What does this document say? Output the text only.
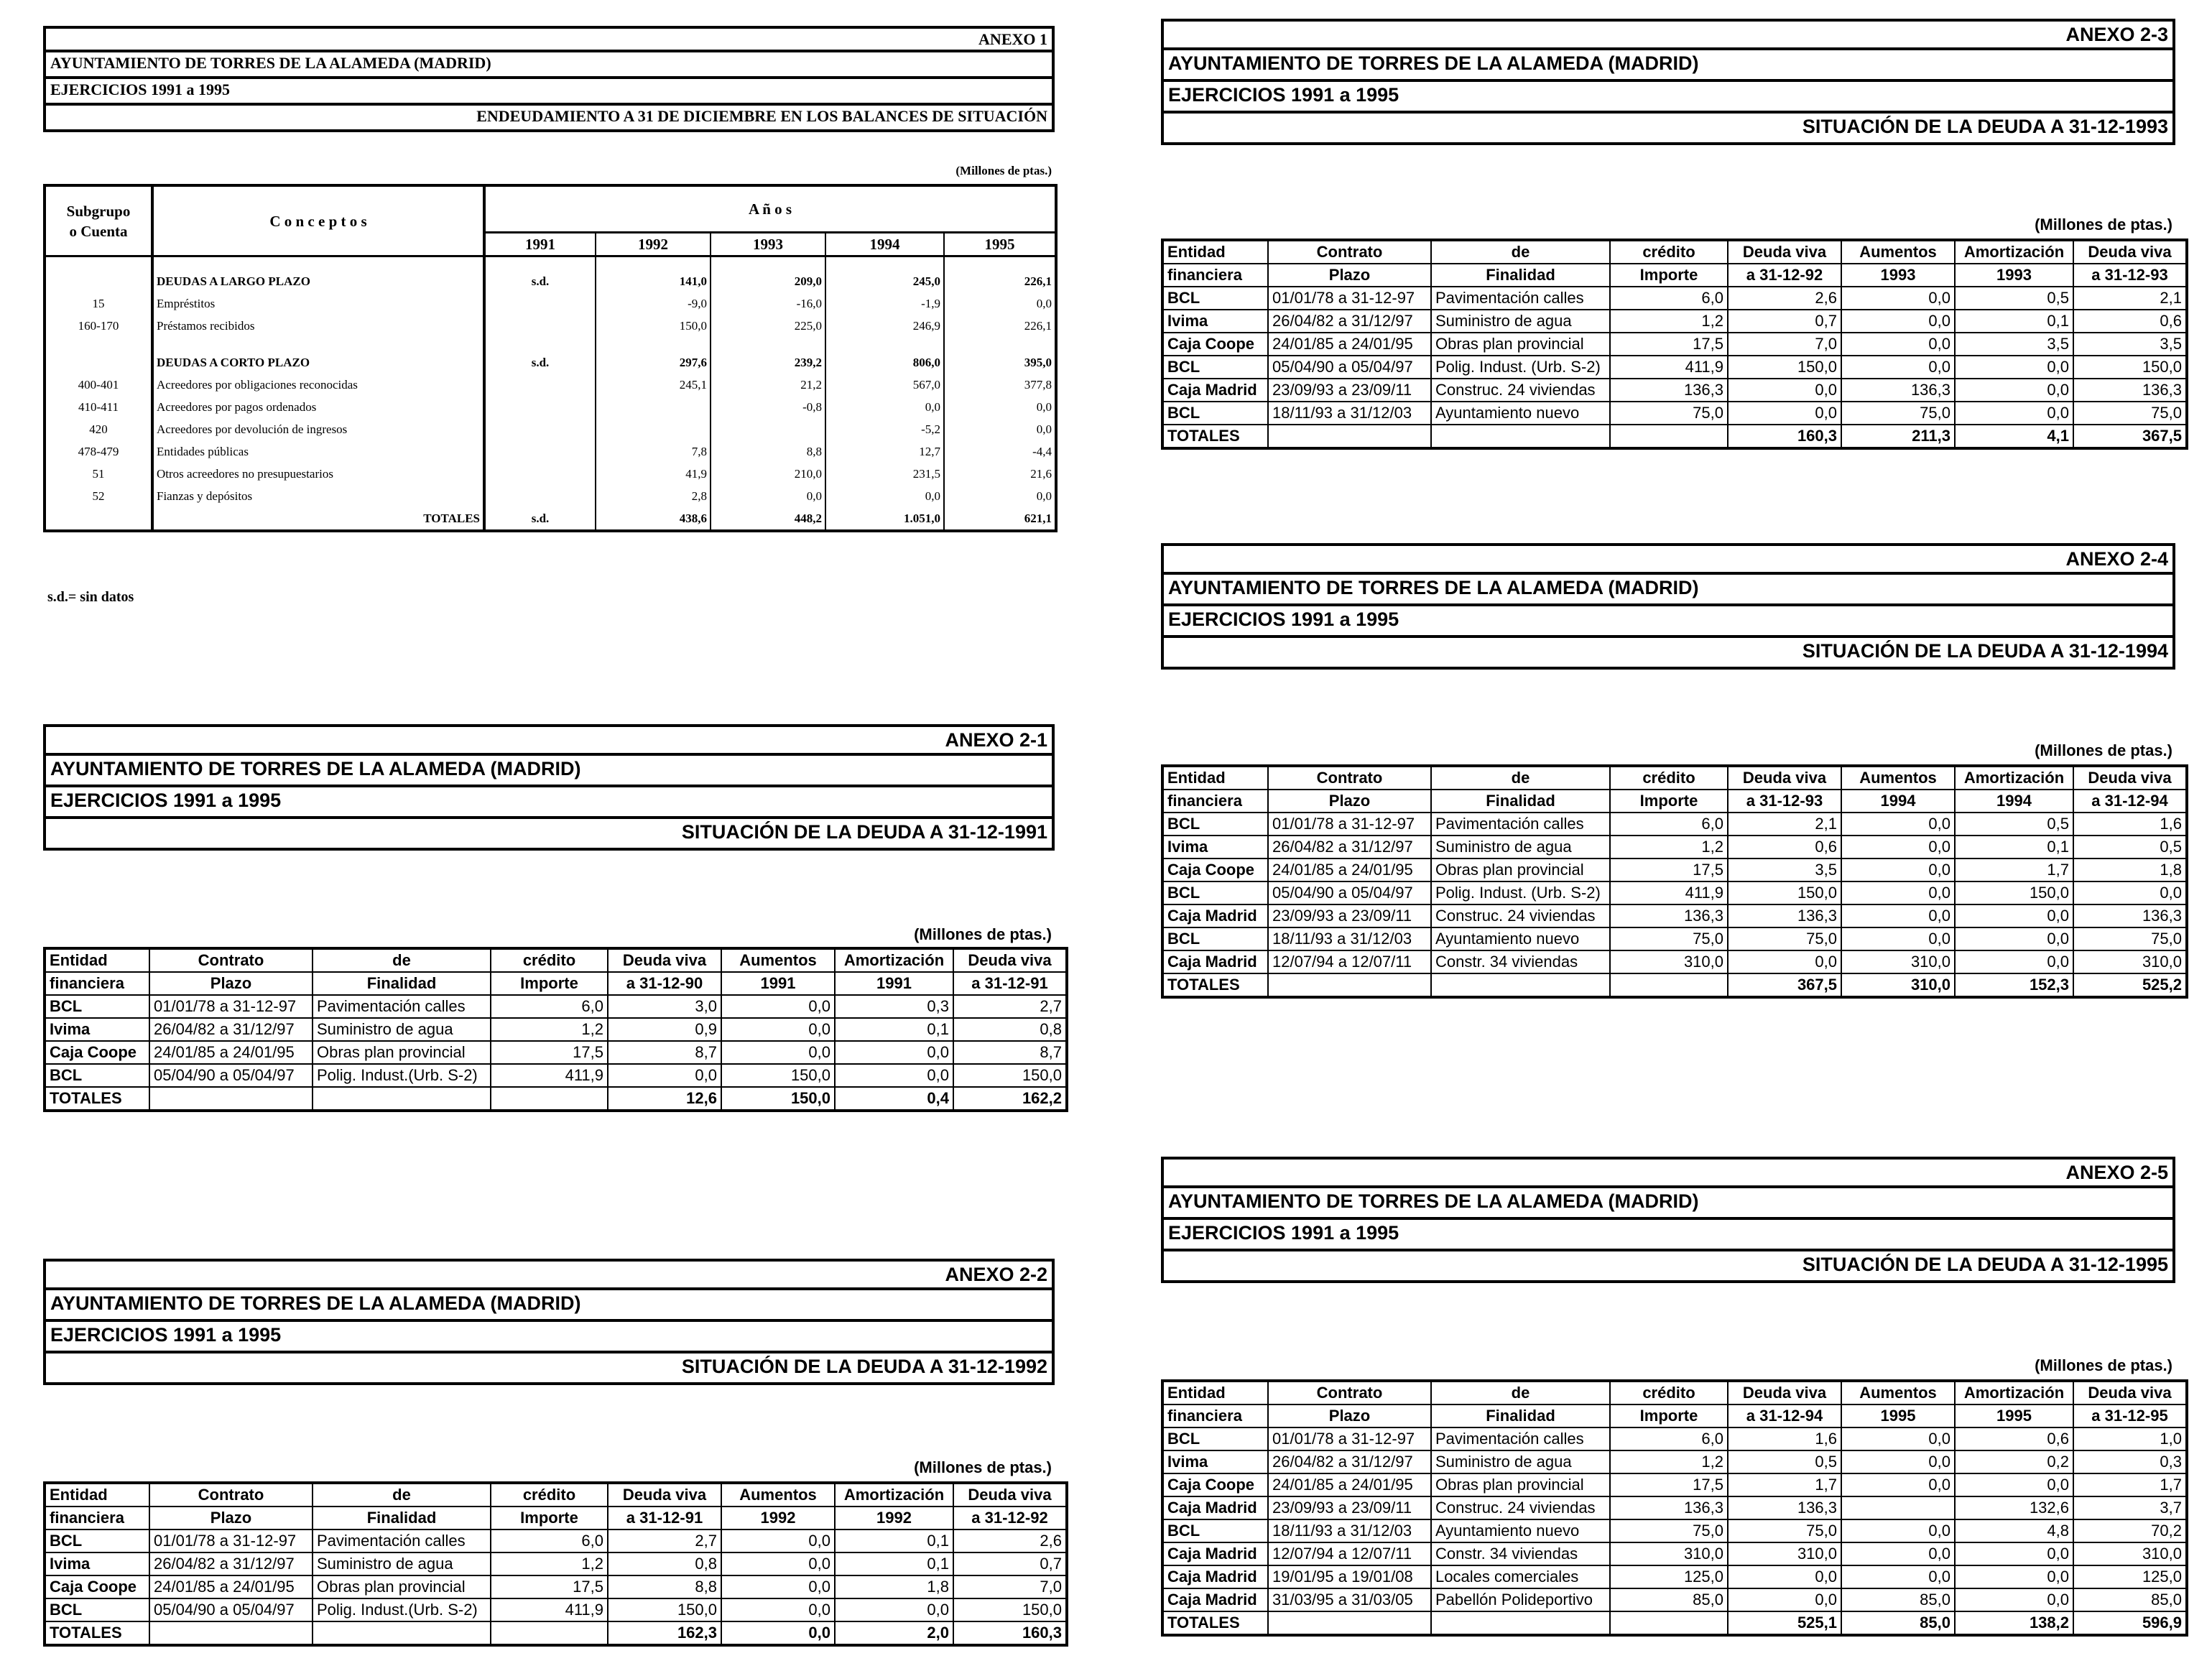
ANEXO 1
AYUNTAMIENTO DE TORRES DE LA ALAMEDA (MADRID)
EJERCICIOS 1991 a 1995
ENDEUDAMIENTO A 31 DE DICIEMBRE EN LOS BALANCES DE SITUACIÓN
(Millones de ptas.)
Subgrupo
o Cuenta	C o n c e p t o s	A ñ o s				
		1991	1992	1993	1994	1995

	DEUDAS A LARGO PLAZO	s.d.	141,0	209,0	245,0	226,1
15	Empréstitos		-9,0	-16,0	-1,9	0,0
160-170	Préstamos recibidos		150,0	225,0	246,9	226,1

	DEUDAS A CORTO PLAZO	s.d.	297,6	239,2	806,0	395,0
400-401	Acreedores por obligaciones reconocidas		245,1	21,2	567,0	377,8
410-411	Acreedores por pagos ordenados			-0,8	0,0	0,0
420	Acreedores por devolución de ingresos				-5,2	0,0
478-479	Entidades públicas		7,8	8,8	12,7	-4,4
51	Otros acreedores no presupuestarios		41,9	210,0	231,5	21,6
52	Fianzas y depósitos		2,8	0,0	0,0	0,0
	TOTALES	s.d.	438,6	448,2	1.051,0	621,1
s.d.= sin datos
ANEXO 2-1
AYUNTAMIENTO DE TORRES DE LA ALAMEDA (MADRID)
EJERCICIOS 1991 a 1995
SITUACIÓN DE LA DEUDA A 31-12-1991
(Millones de ptas.)
Entidad	Contrato	de	crédito	Deuda viva	Aumentos	Amortización	Deuda viva
financiera	Plazo	Finalidad	Importe	a 31-12-90	1991	1991	a 31-12-91
BCL	01/01/78 a 31-12-97	Pavimentación calles	6,0	3,0	0,0	0,3	2,7
Ivima	26/04/82 a 31/12/97	Suministro de agua	1,2	0,9	0,0	0,1	0,8
Caja Coope	24/01/85 a 24/01/95	Obras plan provincial	17,5	8,7	0,0	0,0	8,7
BCL	05/04/90 a 05/04/97	Polig. Indust.(Urb. S-2)	411,9	0,0	150,0	0,0	150,0
TOTALES				12,6	150,0	0,4	162,2
ANEXO 2-2
AYUNTAMIENTO DE TORRES DE LA ALAMEDA (MADRID)
EJERCICIOS 1991 a 1995
SITUACIÓN DE LA DEUDA A 31-12-1992
(Millones de ptas.)
Entidad	Contrato	de	crédito	Deuda viva	Aumentos	Amortización	Deuda viva
financiera	Plazo	Finalidad	Importe	a 31-12-91	1992	1992	a 31-12-92
BCL	01/01/78 a 31-12-97	Pavimentación calles	6,0	2,7	0,0	0,1	2,6
Ivima	26/04/82 a 31/12/97	Suministro de agua	1,2	0,8	0,0	0,1	0,7
Caja Coope	24/01/85 a 24/01/95	Obras plan provincial	17,5	8,8	0,0	1,8	7,0
BCL	05/04/90 a 05/04/97	Polig. Indust.(Urb. S-2)	411,9	150,0	0,0	0,0	150,0
TOTALES				162,3	0,0	2,0	160,3
ANEXO 2-3
AYUNTAMIENTO DE TORRES DE LA ALAMEDA (MADRID)
EJERCICIOS 1991 a 1995
SITUACIÓN DE LA DEUDA A 31-12-1993
(Millones de ptas.)
Entidad	Contrato	de	crédito	Deuda viva	Aumentos	Amortización	Deuda viva
financiera	Plazo	Finalidad	Importe	a 31-12-92	1993	1993	a 31-12-93
BCL	01/01/78 a 31-12-97	Pavimentación calles	6,0	2,6	0,0	0,5	2,1
Ivima	26/04/82 a 31/12/97	Suministro de agua	1,2	0,7	0,0	0,1	0,6
Caja Coope	24/01/85 a 24/01/95	Obras plan provincial	17,5	7,0	0,0	3,5	3,5
BCL	05/04/90 a 05/04/97	Polig. Indust. (Urb. S-2)	411,9	150,0	0,0	0,0	150,0
Caja Madrid	23/09/93 a 23/09/11	Construc. 24 viviendas	136,3	0,0	136,3	0,0	136,3
BCL	18/11/93 a 31/12/03	Ayuntamiento nuevo	75,0	0,0	75,0	0,0	75,0
TOTALES				160,3	211,3	4,1	367,5
ANEXO 2-4
AYUNTAMIENTO DE TORRES DE LA ALAMEDA (MADRID)
EJERCICIOS 1991 a 1995
SITUACIÓN DE LA DEUDA A 31-12-1994
(Millones de ptas.)
Entidad	Contrato	de	crédito	Deuda viva	Aumentos	Amortización	Deuda viva
financiera	Plazo	Finalidad	Importe	a 31-12-93	1994	1994	a 31-12-94
BCL	01/01/78 a 31-12-97	Pavimentación calles	6,0	2,1	0,0	0,5	1,6
Ivima	26/04/82 a 31/12/97	Suministro de agua	1,2	0,6	0,0	0,1	0,5
Caja Coope	24/01/85 a 24/01/95	Obras plan provincial	17,5	3,5	0,0	1,7	1,8
BCL	05/04/90 a 05/04/97	Polig. Indust. (Urb. S-2)	411,9	150,0	0,0	150,0	0,0
Caja Madrid	23/09/93 a 23/09/11	Construc. 24 viviendas	136,3	136,3	0,0	0,0	136,3
BCL	18/11/93 a 31/12/03	Ayuntamiento nuevo	75,0	75,0	0,0	0,0	75,0
Caja Madrid	12/07/94 a 12/07/11	Constr. 34 viviendas	310,0	0,0	310,0	0,0	310,0
TOTALES				367,5	310,0	152,3	525,2
ANEXO 2-5
AYUNTAMIENTO DE TORRES DE LA ALAMEDA (MADRID)
EJERCICIOS 1991 a 1995
SITUACIÓN DE LA DEUDA A 31-12-1995
(Millones de ptas.)
Entidad	Contrato	de	crédito	Deuda viva	Aumentos	Amortización	Deuda viva
financiera	Plazo	Finalidad	Importe	a 31-12-94	1995	1995	a 31-12-95
BCL	01/01/78 a 31-12-97	Pavimentación calles	6,0	1,6	0,0	0,6	1,0
Ivima	26/04/82 a 31/12/97	Suministro de agua	1,2	0,5	0,0	0,2	0,3
Caja Coope	24/01/85 a 24/01/95	Obras plan provincial	17,5	1,7	0,0	0,0	1,7
Caja Madrid	23/09/93 a 23/09/11	Construc. 24 viviendas	136,3	136,3		132,6	3,7
BCL	18/11/93 a 31/12/03	Ayuntamiento nuevo	75,0	75,0	0,0	4,8	70,2
Caja Madrid	12/07/94 a 12/07/11	Constr. 34 viviendas	310,0	310,0	0,0	0,0	310,0
Caja Madrid	19/01/95 a 19/01/08	Locales comerciales	125,0	0,0	0,0	0,0	125,0
Caja Madrid	31/03/95 a 31/03/05	Pabellón Polideportivo	85,0	0,0	85,0	0,0	85,0
TOTALES				525,1	85,0	138,2	596,9
